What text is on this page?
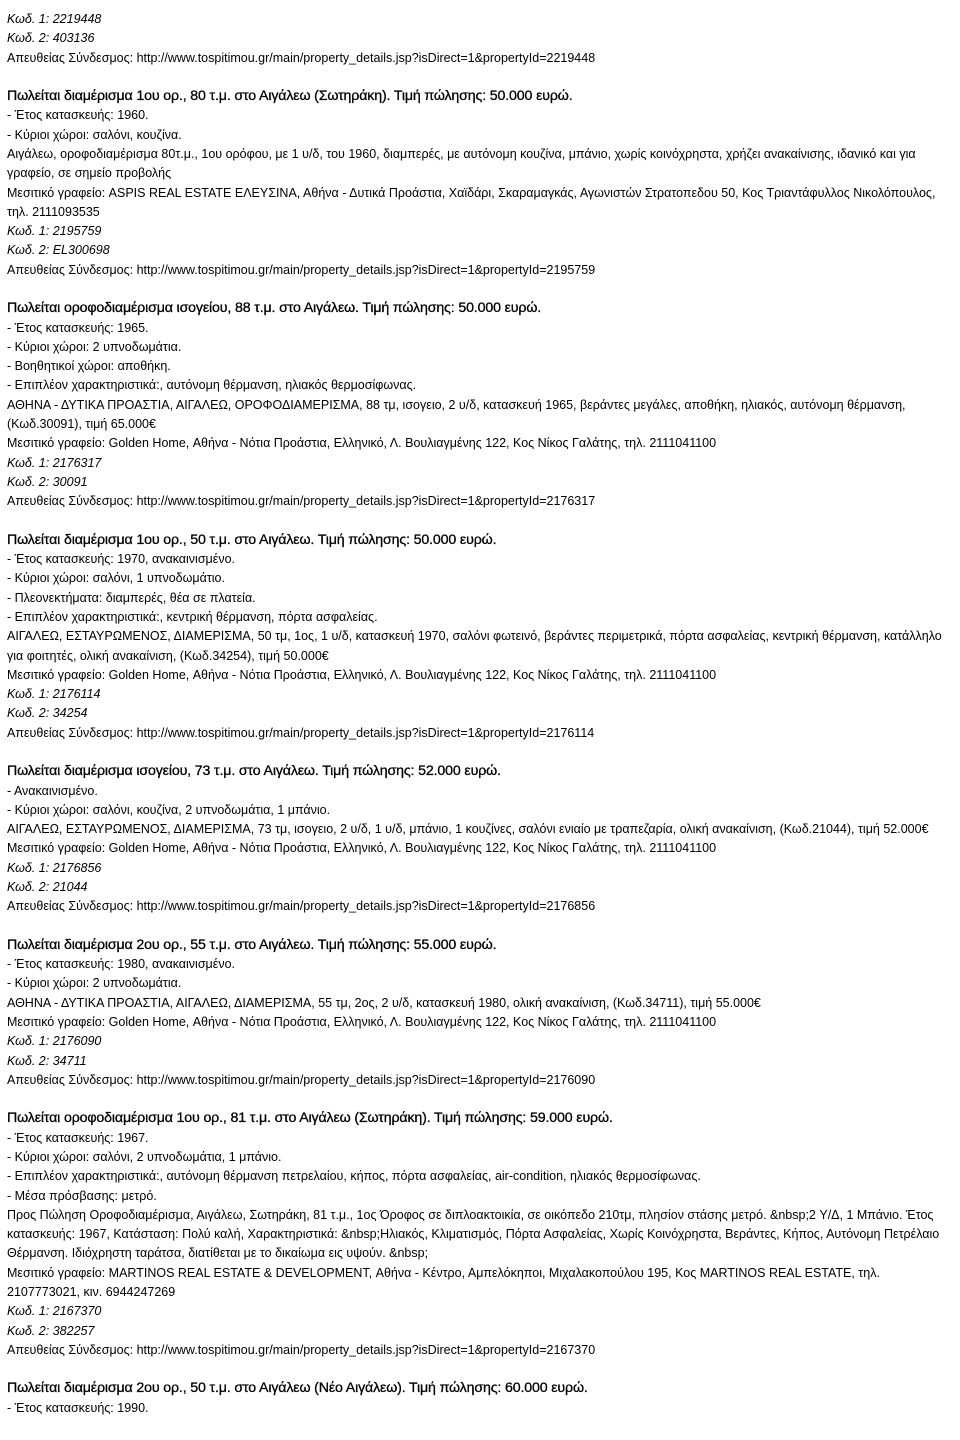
Κωδ. 1: 2219448
Κωδ. 2: 403136
Απευθείας Σύνδεσμος: http://www.tospitimou.gr/main/property_details.jsp?isDirect=1&propertyId=2219448
Πωλείται διαμέρισμα 1ου ορ., 80 τ.μ. στο Αιγάλεω (Σωτηράκη). Τιμή πώλησης: 50.000 ευρώ.
- Έτος κατασκευής: 1960.
- Κύριοι χώροι: σαλόνι, κουζίνα.
Αιγάλεω, οροφοδιαμέρισμα 80τ.μ., 1ου ορόφου, με 1 υ/δ, του 1960, διαμπερές, με αυτόνομη κουζίνα, μπάνιο, χωρίς κοινόχρηστα, χρήζει ανακαίνισης, ιδανικό και για γραφείο, σε σημείο προβολής
Μεσιτικό γραφείο: ASPIS REAL ESTATE ΕΛΕΥΣΙΝΑ, Αθήνα - Δυτικά Προάστια, Χαϊδάρι, Σκαραμαγκάς, Αγωνιστών Στρατοπεδου 50, Κος Τριαντάφυλλος Νικολόπουλος, τηλ. 2111093535
Κωδ. 1: 2195759
Κωδ. 2: EL300698
Απευθείας Σύνδεσμος: http://www.tospitimou.gr/main/property_details.jsp?isDirect=1&propertyId=2195759
Πωλείται οροφοδιαμέρισμα ισογείου, 88 τ.μ. στο Αιγάλεω. Τιμή πώλησης: 50.000 ευρώ.
- Έτος κατασκευής: 1965.
- Κύριοι χώροι: 2 υπνοδωμάτια.
- Βοηθητικοί χώροι: αποθήκη.
- Επιπλέον χαρακτηριστικά:, αυτόνομη θέρμανση, ηλιακός θερμοσίφωνας.
ΑΘΗΝΑ - ΔΥΤΙΚΑ ΠΡΟΑΣΤΙΑ, ΑΙΓΑΛΕΩ, ΟΡΟΦΟΔΙΑΜΕΡΙΣΜΑ, 88 τμ, ισογειο, 2 υ/δ, κατασκευή 1965, βεράντες μεγάλες, αποθήκη, ηλιακός, αυτόνομη θέρμανση, (Κωδ.30091), τιμή 65.000€
Μεσιτικό γραφείο: Golden Home, Αθήνα - Νότια Προάστια, Ελληνικό, Λ. Βουλιαγμένης 122, Κος Νίκος Γαλάτης, τηλ. 2111041100
Κωδ. 1: 2176317
Κωδ. 2: 30091
Απευθείας Σύνδεσμος: http://www.tospitimou.gr/main/property_details.jsp?isDirect=1&propertyId=2176317
Πωλείται διαμέρισμα 1ου ορ., 50 τ.μ. στο Αιγάλεω. Τιμή πώλησης: 50.000 ευρώ.
- Έτος κατασκευής: 1970, ανακαινισμένο.
- Κύριοι χώροι: σαλόνι, 1 υπνοδωμάτιο.
- Πλεονεκτήματα: διαμπερές, θέα σε πλατεία.
- Επιπλέον χαρακτηριστικά:, κεντρική θέρμανση, πόρτα ασφαλείας.
ΑΙΓΑΛΕΩ, ΕΣΤΑΥΡΩΜΕΝΟΣ, ΔΙΑΜΕΡΙΣΜΑ, 50 τμ, 1ος, 1 υ/δ, κατασκευή 1970, σαλόνι φωτεινό, βεράντες περιμετρικά, πόρτα ασφαλείας, κεντρική θέρμανση, κατάλληλο για φοιτητές, ολική ανακαίνιση, (Κωδ.34254), τιμή 50.000€
Μεσιτικό γραφείο: Golden Home, Αθήνα - Νότια Προάστια, Ελληνικό, Λ. Βουλιαγμένης 122, Κος Νίκος Γαλάτης, τηλ. 2111041100
Κωδ. 1: 2176114
Κωδ. 2: 34254
Απευθείας Σύνδεσμος: http://www.tospitimou.gr/main/property_details.jsp?isDirect=1&propertyId=2176114
Πωλείται διαμέρισμα ισογείου, 73 τ.μ. στο Αιγάλεω. Τιμή πώλησης: 52.000 ευρώ.
- Ανακαινισμένο.
- Κύριοι χώροι: σαλόνι, κουζίνα, 2 υπνοδωμάτια, 1 μπάνιο.
ΑΙΓΑΛΕΩ, ΕΣΤΑΥΡΩΜΕΝΟΣ, ΔΙΑΜΕΡΙΣΜΑ, 73 τμ, ισογειο, 2 υ/δ, 1 υ/δ, μπάνιο, 1 κουζίνες, σαλόνι ενιαίο με τραπεζαρία, ολική ανακαίνιση, (Κωδ.21044), τιμή 52.000€
Μεσιτικό γραφείο: Golden Home, Αθήνα - Νότια Προάστια, Ελληνικό, Λ. Βουλιαγμένης 122, Κος Νίκος Γαλάτης, τηλ. 2111041100
Κωδ. 1: 2176856
Κωδ. 2: 21044
Απευθείας Σύνδεσμος: http://www.tospitimou.gr/main/property_details.jsp?isDirect=1&propertyId=2176856
Πωλείται διαμέρισμα 2ου ορ., 55 τ.μ. στο Αιγάλεω. Τιμή πώλησης: 55.000 ευρώ.
- Έτος κατασκευής: 1980, ανακαινισμένο.
- Κύριοι χώροι: 2 υπνοδωμάτια.
ΑΘΗΝΑ - ΔΥΤΙΚΑ ΠΡΟΑΣΤΙΑ, ΑΙΓΑΛΕΩ, ΔΙΑΜΕΡΙΣΜΑ, 55 τμ, 2ος, 2 υ/δ, κατασκευή 1980, ολική ανακαίνιση, (Κωδ.34711), τιμή 55.000€
Μεσιτικό γραφείο: Golden Home, Αθήνα - Νότια Προάστια, Ελληνικό, Λ. Βουλιαγμένης 122, Κος Νίκος Γαλάτης, τηλ. 2111041100
Κωδ. 1: 2176090
Κωδ. 2: 34711
Απευθείας Σύνδεσμος: http://www.tospitimou.gr/main/property_details.jsp?isDirect=1&propertyId=2176090
Πωλείται οροφοδιαμέρισμα 1ου ορ., 81 τ.μ. στο Αιγάλεω (Σωτηράκη). Τιμή πώλησης: 59.000 ευρώ.
- Έτος κατασκευής: 1967.
- Κύριοι χώροι: σαλόνι, 2 υπνοδωμάτια, 1 μπάνιο.
- Επιπλέον χαρακτηριστικά:, αυτόνομη θέρμανση πετρελαίου, κήπος, πόρτα ασφαλείας, air-condition, ηλιακός θερμοσίφωνας.
- Μέσα πρόσβασης: μετρό.
Προς Πώληση Οροφοδιαμέρισμα, Αιγάλεω, Σωτηράκη, 81 τ.μ., 1ος Όροφος σε διπλοακτοικία, σε οικόπεδο 210τμ, πλησίον στάσης μετρό. &nbsp;2 Υ/Δ, 1 Μπάνιο. Έτος κατασκευής: 1967, Κατάσταση: Πολύ καλή, Χαρακτηριστικά: &nbsp;Ηλιακός, Κλιματισμός, Πόρτα Ασφαλείας, Χωρίς Κοινόχρηστα, Βεράντες, Κήπος, Αυτόνομη Πετρέλαιο Θέρμανση. Ιδιόχρηστη ταράτσα, διατίθεται με το δικαίωμα εις υψούν. &nbsp;
Μεσιτικό γραφείο: MARTINOS REAL ESTATE & DEVELOPMENT, Αθήνα - Κέντρο, Αμπελόκηποι, Μιχαλακοπούλου 195, Κος MARTINOS REAL ESTATE, τηλ. 2107773021, κιν. 6944247269
Κωδ. 1: 2167370
Κωδ. 2: 382257
Απευθείας Σύνδεσμος: http://www.tospitimou.gr/main/property_details.jsp?isDirect=1&propertyId=2167370
Πωλείται διαμέρισμα 2ου ορ., 50 τ.μ. στο Αιγάλεω (Νέο Αιγάλεω). Τιμή πώλησης: 60.000 ευρώ.
- Έτος κατασκευής: 1990.
